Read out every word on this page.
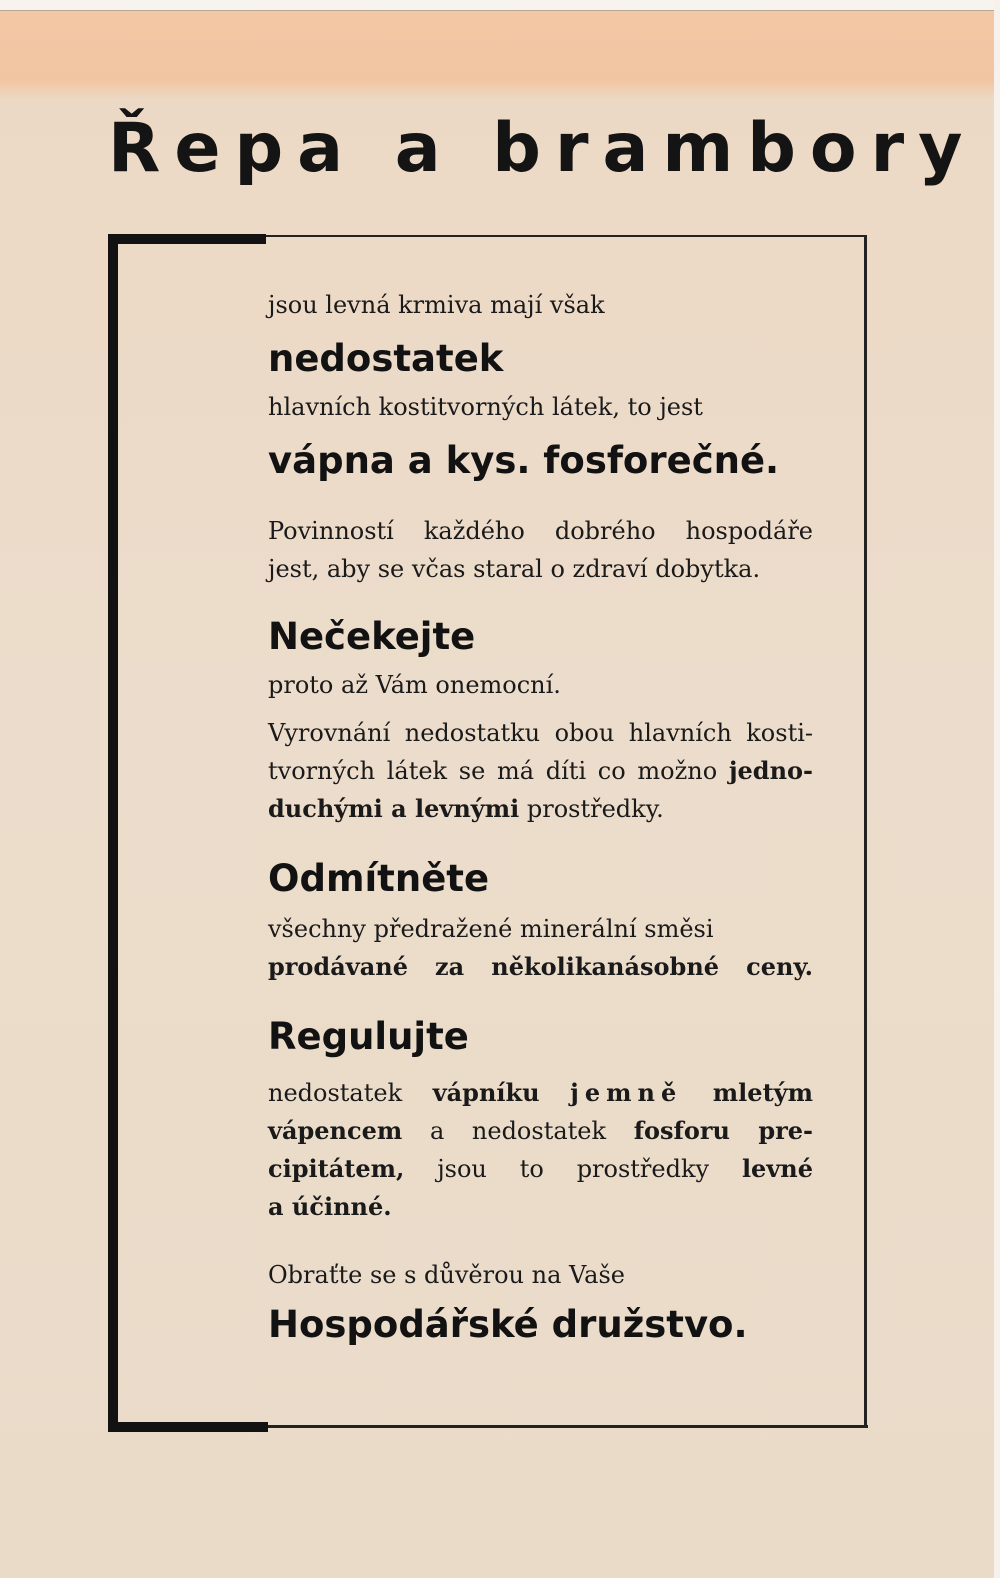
Řepa a brambory

jsou levná krmiva mají však

nedostatek

hlavních kostitvorných látek, to jest

vápna a kys. fosforečné.

Povinností každého dobrého hospodáře

jest, aby se včas staral o zdraví dobytka.

Nečekejte

proto až Vám onemocní.

Vyrovnání nedostatku obou hlavních kosti-

tvorných látek se má díti co možno jedno-

duchými a levnými prostředky.

Odmítněte

všechny předražené minerální směsi

prodávané za několikanásobné ceny.

Regulujte

nedostatek vápníku jemně mletým

vápencem a nedostatek fosforu pre-

cipitátem, jsou to prostředky levné

a účinné.

Obraťte se s důvěrou na Vaše

Hospodářské družstvo.
